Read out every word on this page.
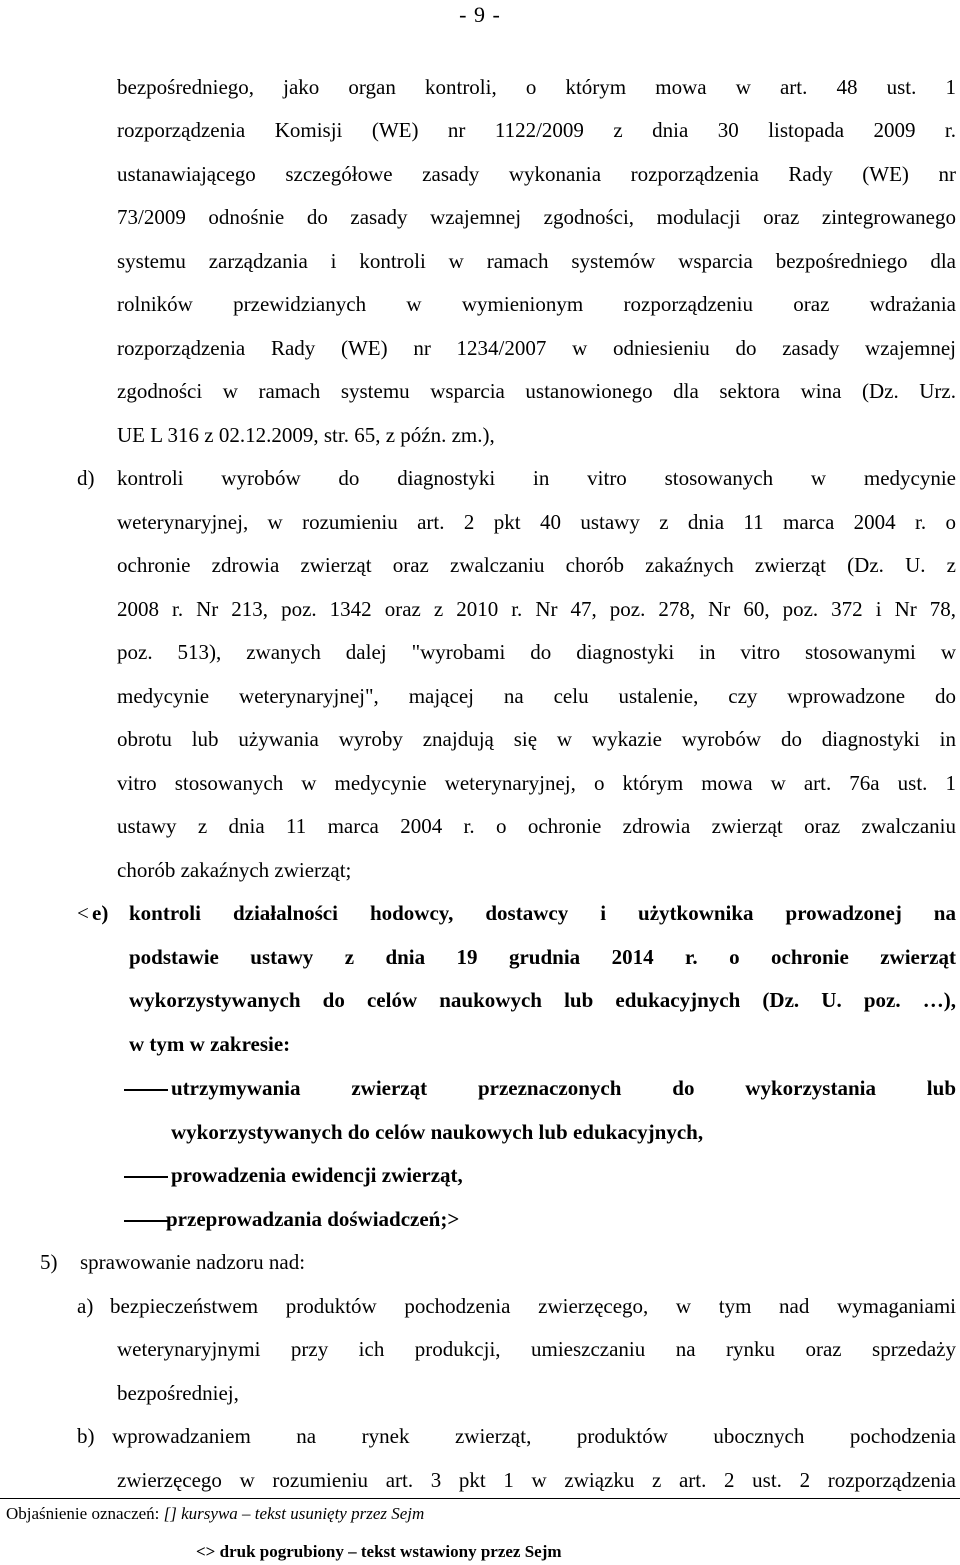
- 9 -
bezpośredniego, jako organ kontroli, o którym mowa w art. 48 ust. 1
rozporządzenia Komisji (WE) nr 1122/2009 z dnia 30 listopada 2009 r.
ustanawiającego szczegółowe zasady wykonania rozporządzenia Rady (WE) nr
73/2009 odnośnie do zasady wzajemnej zgodności, modulacji oraz zintegrowanego
systemu zarządzania i kontroli w ramach systemów wsparcia bezpośredniego dla
rolników przewidzianych w wymienionym rozporządzeniu oraz wdrażania
rozporządzenia Rady (WE) nr 1234/2007 w odniesieniu do zasady wzajemnej
zgodności w ramach systemu wsparcia ustanowionego dla sektora wina (Dz. Urz.
UE L 316 z 02.12.2009, str. 65, z późn. zm.),
d) kontroli wyrobów do diagnostyki in vitro stosowanych w medycynie
weterynaryjnej, w rozumieniu art. 2 pkt 40 ustawy z dnia 11 marca 2004 r. o
ochronie zdrowia zwierząt oraz zwalczaniu chorób zakaźnych zwierząt (Dz. U. z
2008 r. Nr 213, poz. 1342 oraz z 2010 r. Nr 47, poz. 278, Nr 60, poz. 372 i Nr 78,
poz. 513), zwanych dalej "wyrobami do diagnostyki in vitro stosowanymi w
medycynie weterynaryjnej", mającej na celu ustalenie, czy wprowadzone do
obrotu lub używania wyroby znajdują się w wykazie wyrobów do diagnostyki in
vitro stosowanych w medycynie weterynaryjnej, o którym mowa w art. 76a ust. 1
ustawy z dnia 11 marca 2004 r. o ochronie zdrowia zwierząt oraz zwalczaniu
chorób zakaźnych zwierząt;
< e) kontroli działalności hodowcy, dostawcy i użytkownika prowadzonej na
podstawie ustawy z dnia 19 grudnia 2014 r. o ochronie zwierząt
wykorzystywanych do celów naukowych lub edukacyjnych (Dz. U. poz. …),
w tym w zakresie:
utrzymywania zwierząt przeznaczonych do wykorzystania lub
wykorzystywanych do celów naukowych lub edukacyjnych,
prowadzenia ewidencji zwierząt,
przeprowadzania doświadczeń;>
5) sprawowanie nadzoru nad:
a) bezpieczeństwem produktów pochodzenia zwierzęcego, w tym nad wymaganiami
weterynaryjnymi przy ich produkcji, umieszczaniu na rynku oraz sprzedaży
bezpośredniej,
b) wprowadzaniem na rynek zwierząt, produktów ubocznych pochodzenia
zwierzęcego w rozumieniu art. 3 pkt 1 w związku z art. 2 ust. 2 rozporządzenia
Objaśnienie oznaczeń: [] kursywa – tekst usunięty przez Sejm
<> druk pogrubiony – tekst wstawiony przez Sejm
